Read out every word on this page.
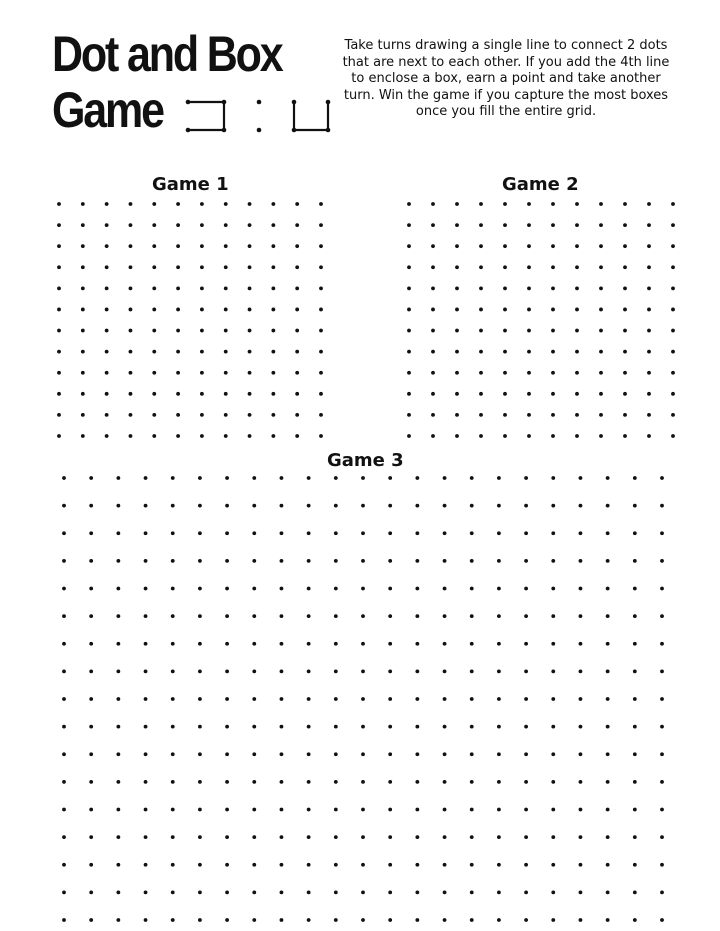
Dot and Box
Game

Take turns drawing a single line to connect 2 dots that are next to each other. If you add the 4th line to enclose a box, earn a point and take another turn. Win the game if you capture the most boxes once you fill the entire grid.

Game 1	Game 2
Game 3
